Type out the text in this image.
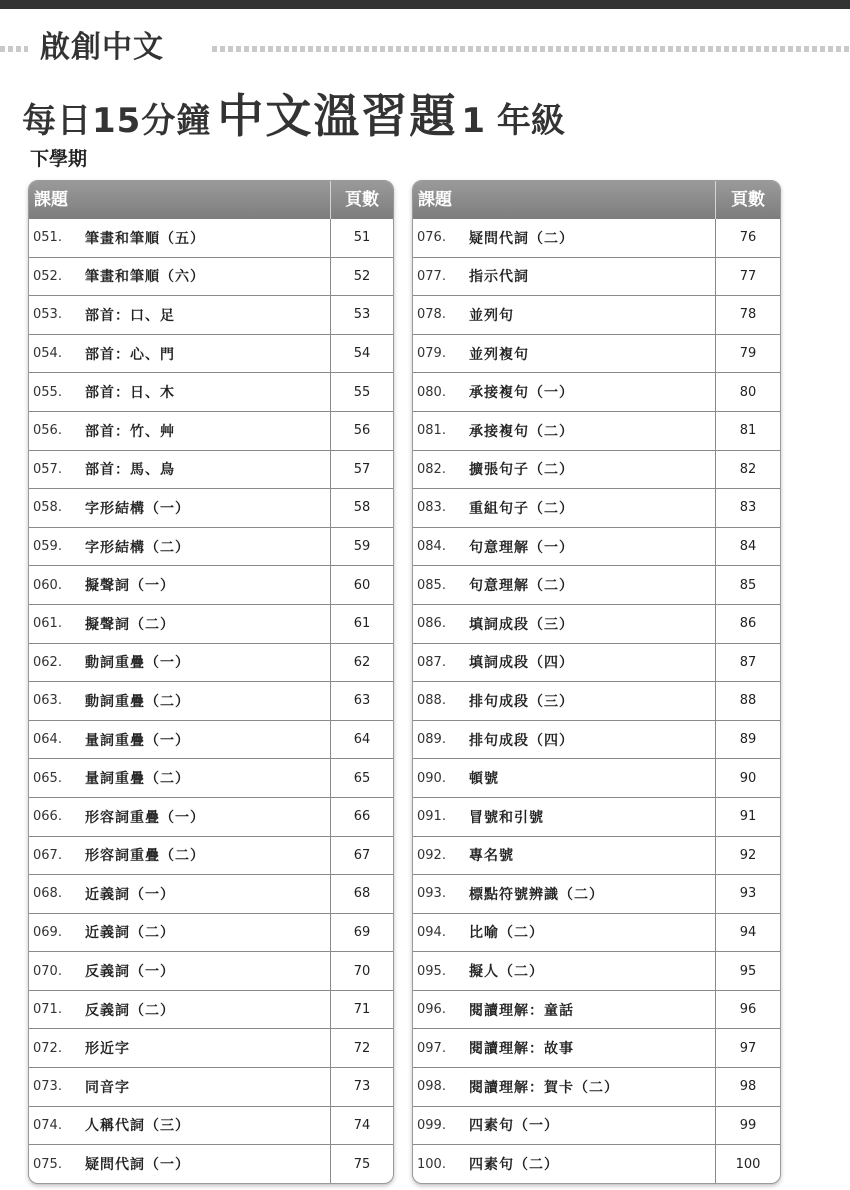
啟創中文
每日15分鐘 中文溫習題 1 年級
下學期
課題	頁數
051.	筆畫和筆順（五）	51
052.	筆畫和筆順（六）	52
053.	部首：口、足	53
054.	部首：心、門	54
055.	部首：日、木	55
056.	部首：竹、艸	56
057.	部首：馬、鳥	57
058.	字形結構（一）	58
059.	字形結構（二）	59
060.	擬聲詞（一）	60
061.	擬聲詞（二）	61
062.	動詞重疊（一）	62
063.	動詞重疊（二）	63
064.	量詞重疊（一）	64
065.	量詞重疊（二）	65
066.	形容詞重疊（一）	66
067.	形容詞重疊（二）	67
068.	近義詞（一）	68
069.	近義詞（二）	69
070.	反義詞（一）	70
071.	反義詞（二）	71
072.	形近字	72
073.	同音字	73
074.	人稱代詞（三）	74
075.	疑問代詞（一）	75
課題	頁數
076.	疑問代詞（二）	76
077.	指示代詞	77
078.	並列句	78
079.	並列複句	79
080.	承接複句（一）	80
081.	承接複句（二）	81
082.	擴張句子（二）	82
083.	重組句子（二）	83
084.	句意理解（一）	84
085.	句意理解（二）	85
086.	填詞成段（三）	86
087.	填詞成段（四）	87
088.	排句成段（三）	88
089.	排句成段（四）	89
090.	頓號	90
091.	冒號和引號	91
092.	專名號	92
093.	標點符號辨識（二）	93
094.	比喻（二）	94
095.	擬人（二）	95
096.	閱讀理解：童話	96
097.	閱讀理解：故事	97
098.	閱讀理解：賀卡（二）	98
099.	四素句（一）	99
100.	四素句（二）	100
